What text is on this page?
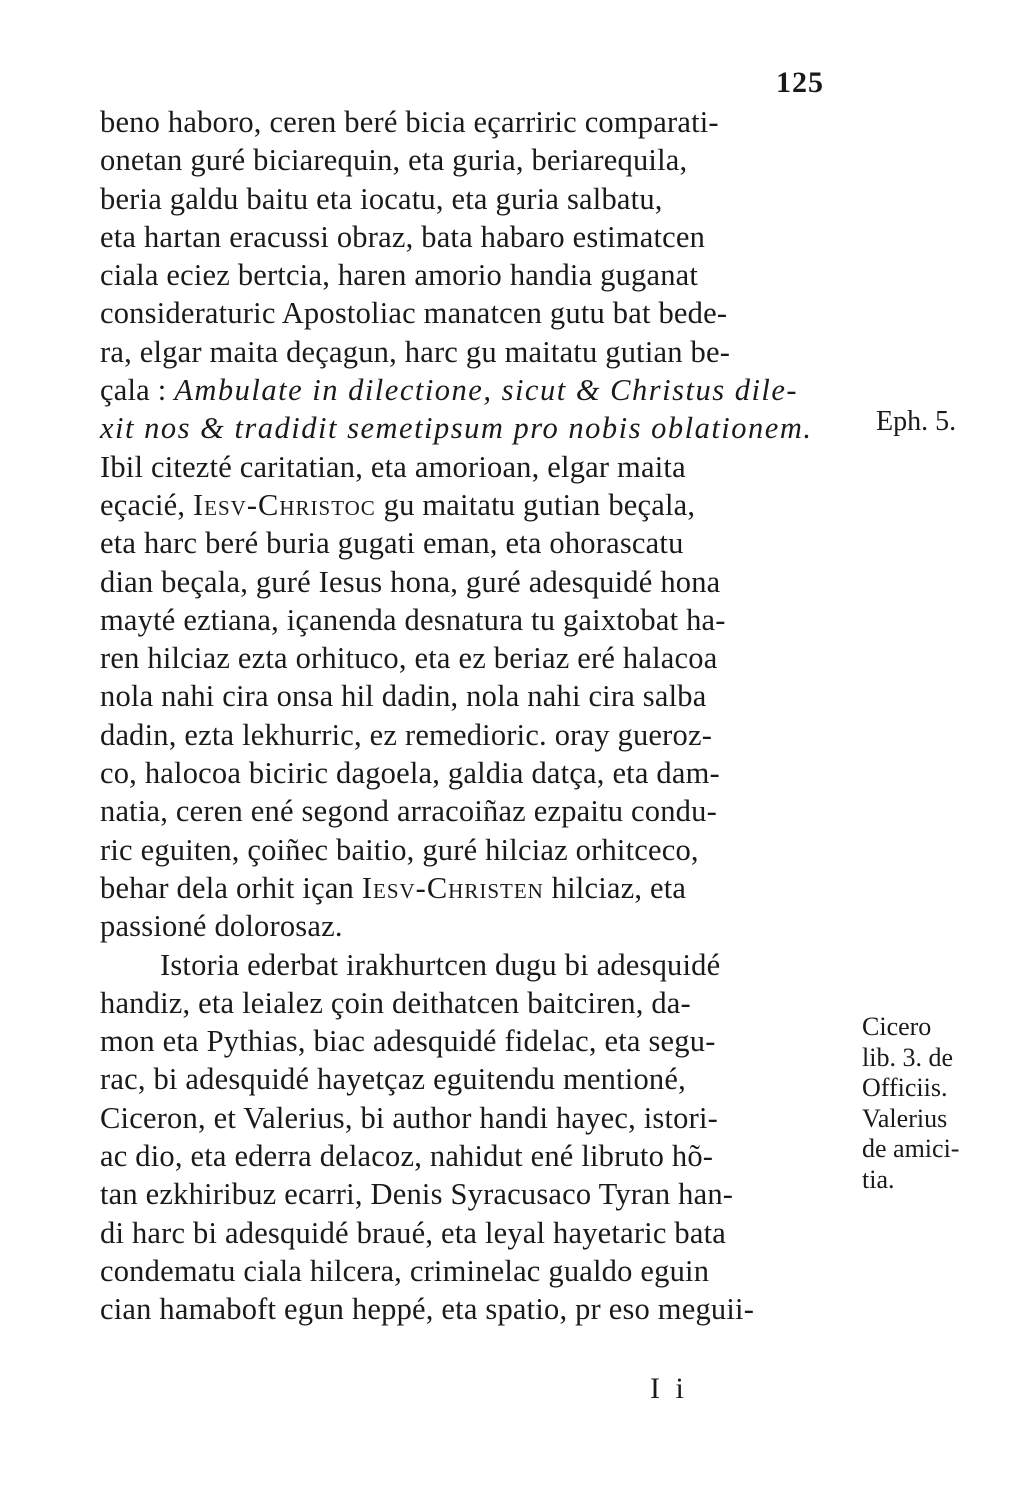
125
beno haboro, ceren beré bicia eçarriric comparati-
onetan guré biciarequin, eta guria, beriarequila,
beria galdu baitu eta iocatu, eta guria salbatu,
eta hartan eracussi obraz, bata habaro estimatcen
ciala eciez bertcia, haren amorio handia guganat
consideraturic Apostoliac manatcen gutu bat bede-
ra, elgar maita deçagun, harc gu maitatu gutian be-
çala : Ambulate in dilectione, sicut & Christus dile-
xit nos & tradidit semetipsum pro nobis oblationem.
Ibil citezté caritatian, eta amorioan, elgar maita
eçacié, Iesv-Christoc gu maitatu gutian beçala,
eta harc beré buria gugati eman, eta ohorascatu
dian beçala, guré Iesus hona, guré adesquidé hona
mayté eztiana, içanenda desnatura tu gaixtobat ha-
ren hilciaz ezta orhituco, eta ez beriaz eré halacoa
nola nahi cira onsa hil dadin, nola nahi cira salba
dadin, ezta lekhurric, ez remedioric. oray gueroz-
co, halocoa biciric dagoela, galdia datça, eta dam-
natia, ceren ené segond arracoiñaz ezpaitu condu-
ric eguiten, çoiñec baitio, guré hilciaz orhitceco,
behar dela orhit içan Iesv-Christen hilciaz, eta
passioné dolorosaz.
Istoria ederbat irakhurtcen dugu bi adesquidé
handiz, eta leialez çoin deithatcen baitciren, da-
mon eta Pythias, biac adesquidé fidelac, eta segu-
rac, bi adesquidé hayetçaz eguitendu mentioné,
Ciceron, et Valerius, bi author handi hayec, istori-
ac dio, eta ederra delacoz, nahidut ené libruto hõ-
tan ezkhiribuz ecarri, Denis Syracusaco Tyran han-
di harc bi adesquidé braué, eta leyal hayetaric bata
condematu ciala hilcera, criminelac gualdo eguin
cian hamaboft egun heppé, eta spatio, pr eso meguii-
Eph. 5.
Cicero
lib. 3. de
Officiis.
Valerius
de amici-
tia.
I i
